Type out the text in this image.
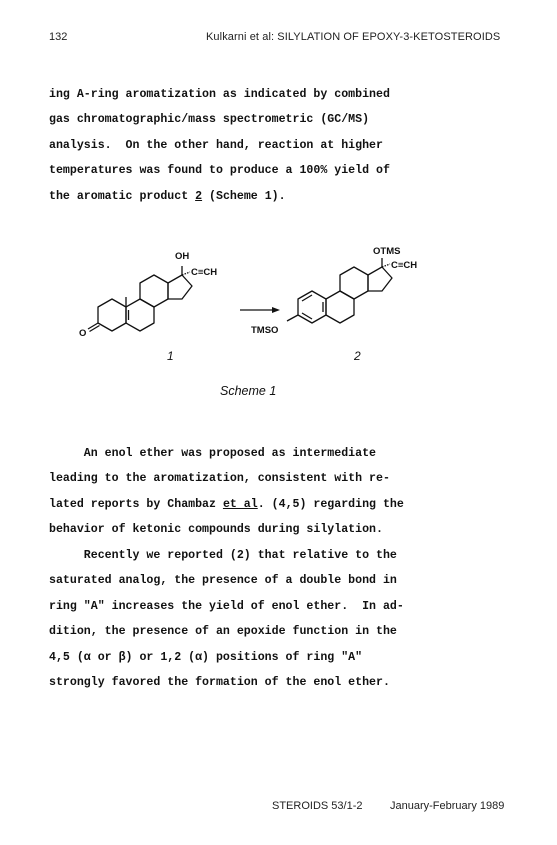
132	Kulkarni et al: SILYLATION OF EPOXY-3-KETOSTEROIDS
ing A-ring aromatization as indicated by combined
gas chromatographic/mass spectrometric (GC/MS)
analysis.  On the other hand, reaction at higher
temperatures was found to produce a 100% yield of
the aromatic product 2 (Scheme 1).
OH
C≡CH
O
1
OTMS
C≡CH
TMSO
2
Scheme 1
An enol ether was proposed as intermediate
leading to the aromatization, consistent with re-
lated reports by Chambaz et al. (4,5) regarding the
behavior of ketonic compounds during silylation.
Recently we reported (2) that relative to the
saturated analog, the presence of a double bond in
ring "A" increases the yield of enol ether.  In ad-
dition, the presence of an epoxide function in the
4,5 (α or β) or 1,2 (α) positions of ring "A"
strongly favored the formation of the enol ether.
STEROIDS 53/1-2	January-February 1989
